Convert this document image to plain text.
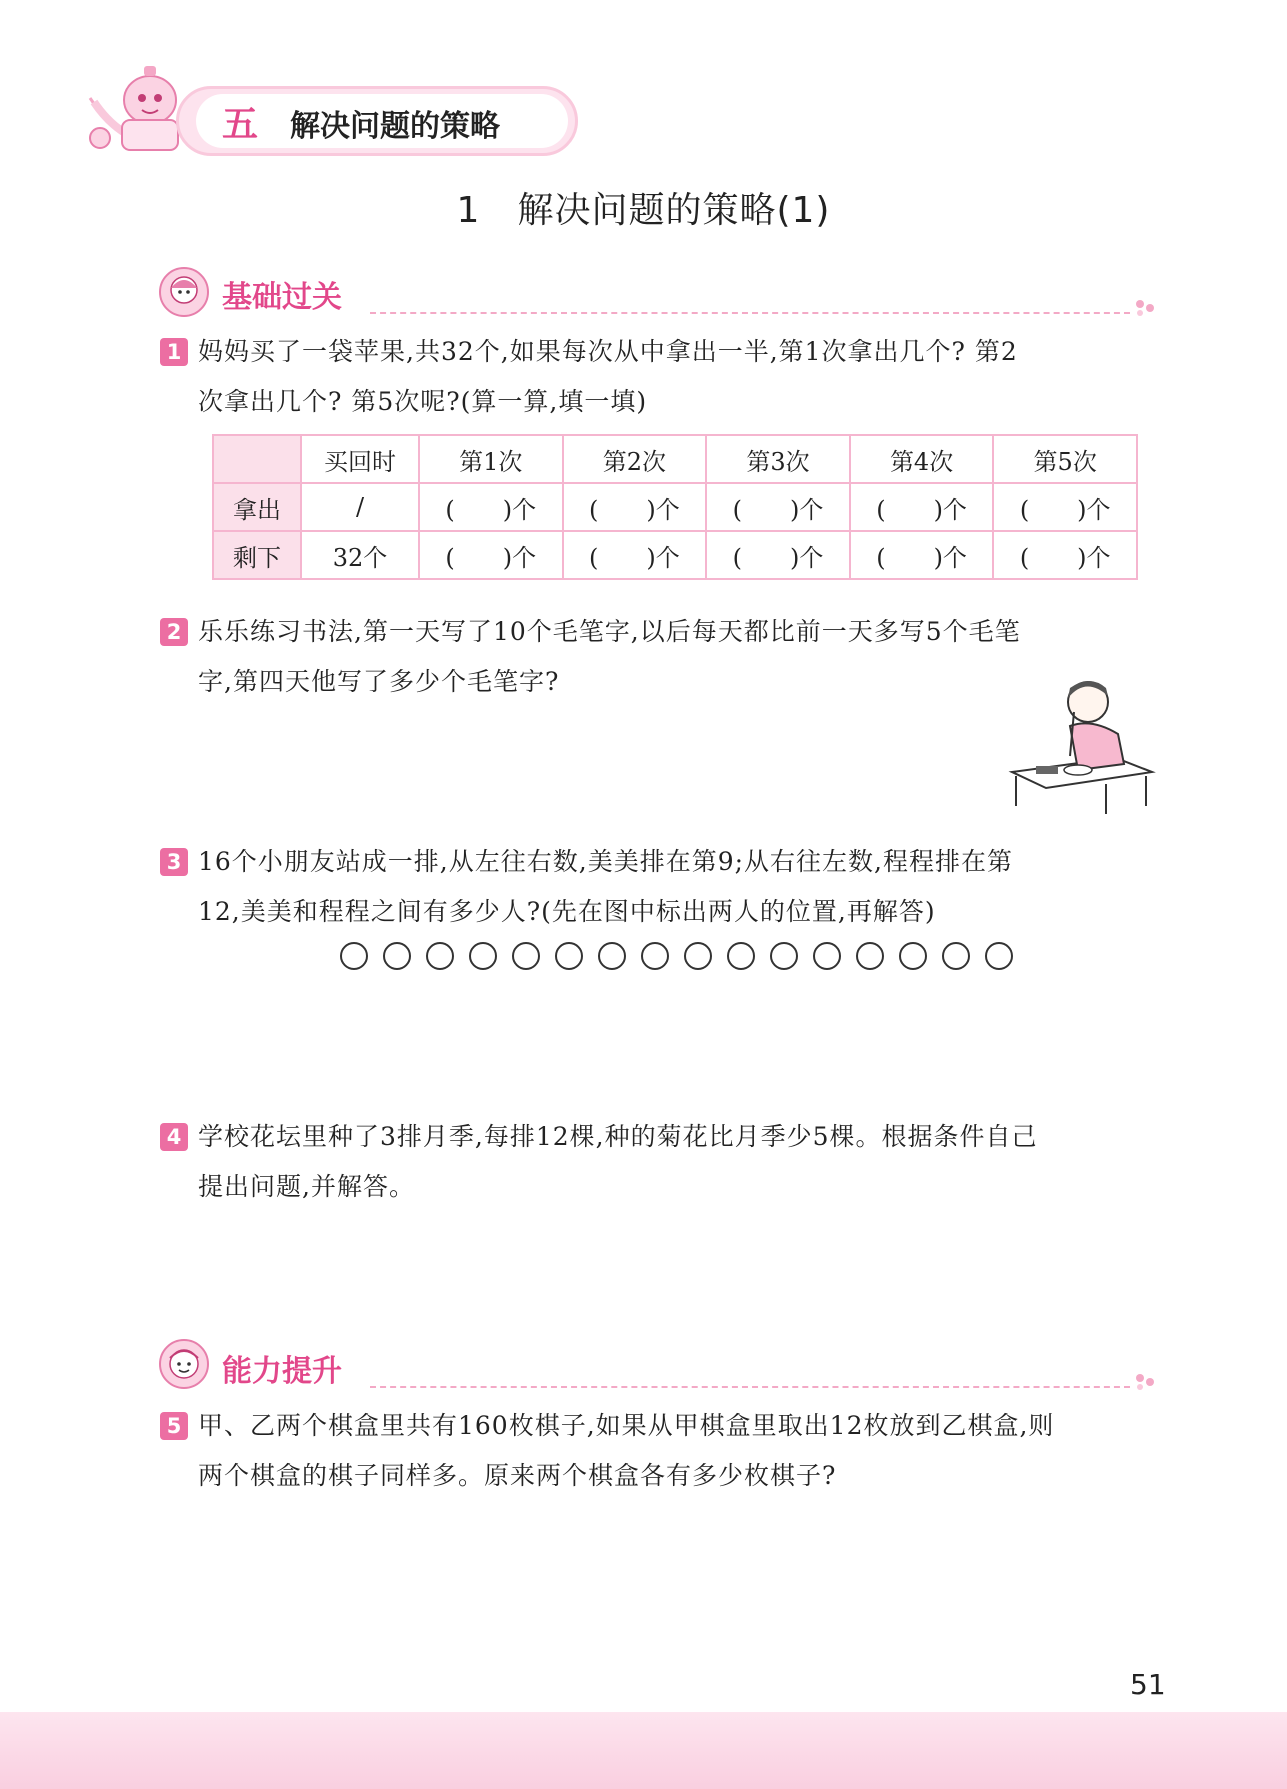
五 解决问题的策略
1　解决问题的策略(1)
基础过关
1 妈妈买了一袋苹果,共32个,如果每次从中拿出一半,第1次拿出几个? 第2
次拿出几个? 第5次呢?(算一算,填一填)
	买回时	第1次	第2次	第3次	第4次	第5次
拿出	/	(　　)个	(　　)个	(　　)个	(　　)个	(　　)个
剩下	32个	(　　)个	(　　)个	(　　)个	(　　)个	(　　)个
2 乐乐练习书法,第一天写了10个毛笔字,以后每天都比前一天多写5个毛笔
字,第四天他写了多少个毛笔字?
3 16个小朋友站成一排,从左往右数,美美排在第9;从右往左数,程程排在第
12,美美和程程之间有多少人?(先在图中标出两人的位置,再解答)
4 学校花坛里种了3排月季,每排12棵,种的菊花比月季少5棵。根据条件自己
提出问题,并解答。
能力提升
5 甲、乙两个棋盒里共有160枚棋子,如果从甲棋盒里取出12枚放到乙棋盒,则
两个棋盒的棋子同样多。原来两个棋盒各有多少枚棋子?
51
